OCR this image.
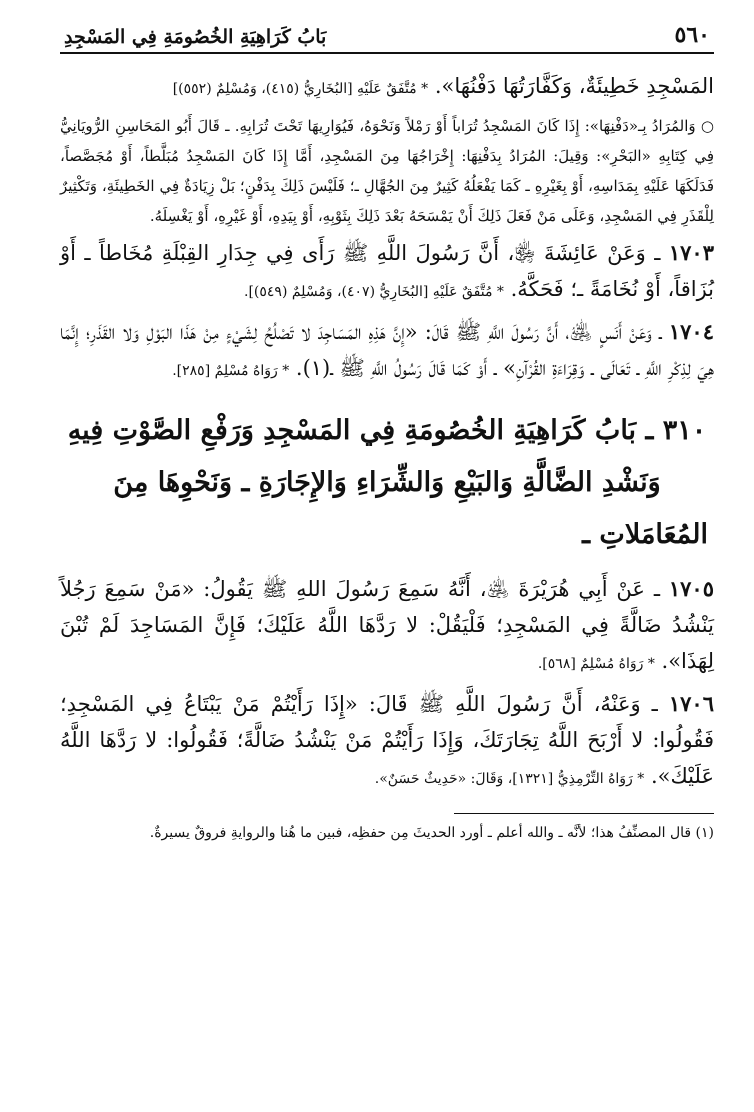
٥٦٠
بَابُ كَرَاهِيَةِ الخُصُومَةِ فِي المَسْجِدِ

المَسْجِدِ خَطِيئَةٌ، وَكَفَّارَتُهَا دَفْنُهَا». * مُتَّفَقٌ عَلَيْهِ [البُخَارِيُّ (٤١٥)، وَمُسْلِمٌ (٥٥٢)]

○ وَالمُرَادُ بِـ«دَفْنِهَا»: إِذَا كَانَ المَسْجِدُ تُرَاباً أَوْ رَمْلاً وَنَحْوَهُ، فَيُوَارِيهَا تَحْتَ تُرَابِهِ. ـ قَالَ أَبُو المَحَاسِنِ الرُّويَانِيُّ فِي كِتَابِهِ «البَحْرِ»: وَقِيلَ: المُرَادُ بِدَفْنِهَا: إِخْرَاجُهَا مِنَ المَسْجِدِ، أَمَّا إِذَا كَانَ المَسْجِدُ مُبَلَّطاً، أَوْ مُجَصَّصاً، فَدَلَكَهَا عَلَيْهِ بِمَدَاسِهِ، أَوْ بِغَيْرِهِ ـ كَمَا يَفْعَلُهُ كَثِيرٌ مِنَ الجُهَّالِ ـ؛ فَلَيْسَ ذَلِكَ بِدَفْنٍ؛ بَلْ زِيَادَةٌ فِي الخَطِيئَةِ، وَتَكْثِيرٌ لِلْقَذَرِ فِي المَسْجِدِ، وَعَلَى مَنْ فَعَلَ ذَلِكَ أَنْ يَمْسَحَهُ بَعْدَ ذَلِكَ بِثَوْبِهِ، أَوْ بِيَدِهِ، أَوْ غَيْرِهِ، أَوْ يَغْسِلَهُ.

١٧٠٣ ـ وَعَنْ عَائِشَةَ ﵂، أَنَّ رَسُولَ اللَّهِ ﷺ رَأَى فِي جِدَارِ القِبْلَةِ مُخَاطاً ـ أَوْ بُزَاقاً، أَوْ نُخَامَةً ـ؛ فَحَكَّهُ. * مُتَّفَقٌ عَلَيْهِ [البُخَارِيُّ (٤٠٧)، وَمُسْلِمٌ (٥٤٩)].

١٧٠٤ ـ وَعَنْ أَنَسٍ ﵁، أَنَّ رَسُولَ اللَّهِ ﷺ قَالَ: «إِنَّ هَذِهِ المَسَاجِدَ لا تَصْلُحُ لِشَيْءٍ مِنْ هَذَا البَوْلِ وَلا القَذَرِ؛ إِنَّمَا هِيَ لِذِكْرِ اللَّهِ ـ تَعَالَى ـ وَقِرَاءَةِ القُرْآنِ» ـ أَوْ كَمَا قَالَ رَسُولُ اللَّهِ ﷺ ـ(١). * رَوَاهُ مُسْلِمٌ [٢٨٥].

٣١٠ ـ بَابُ كَرَاهِيَةِ الخُصُومَةِ فِي المَسْجِدِ وَرَفْعِ الصَّوْتِ فِيهِ وَنَشْدِ الضَّالَّةِ وَالبَيْعِ وَالشِّرَاءِ وَالإِجَارَةِ ـ وَنَحْوِهَا مِنَ المُعَامَلاتِ ـ

١٧٠٥ ـ عَنْ أَبِي هُرَيْرَةَ ﵁، أَنَّهُ سَمِعَ رَسُولَ اللهِ ﷺ يَقُولُ: «مَنْ سَمِعَ رَجُلاً يَنْشُدُ ضَالَّةً فِي المَسْجِدِ؛ فَلْيَقُلْ: لا رَدَّهَا اللَّهُ عَلَيْكَ؛ فَإِنَّ المَسَاجِدَ لَمْ تُبْنَ لِهَذَا». * رَوَاهُ مُسْلِمٌ [٥٦٨].

١٧٠٦ ـ وَعَنْهُ، أَنَّ رَسُولَ اللَّهِ ﷺ قَالَ: «إِذَا رَأَيْتُمْ مَنْ يَبْتَاعُ فِي المَسْجِدِ؛ فَقُولُوا: لا أَرْبَحَ اللَّهُ تِجَارَتَكَ، وَإِذَا رَأَيْتُمْ مَنْ يَنْشُدُ ضَالَّةً؛ فَقُولُوا: لا رَدَّهَا اللَّهُ عَلَيْكَ». * رَوَاهُ التِّرْمِذِيُّ [١٣٢١]، وَقَالَ: «حَدِيثٌ حَسَنٌ».

(١) قال المصنِّفُ هذا؛ لأنَّه ـ والله أعلم ـ أورد الحديثَ مِن حفظِه، فبين ما هُنا والروايةِ فروقٌ يسيرةٌ.
